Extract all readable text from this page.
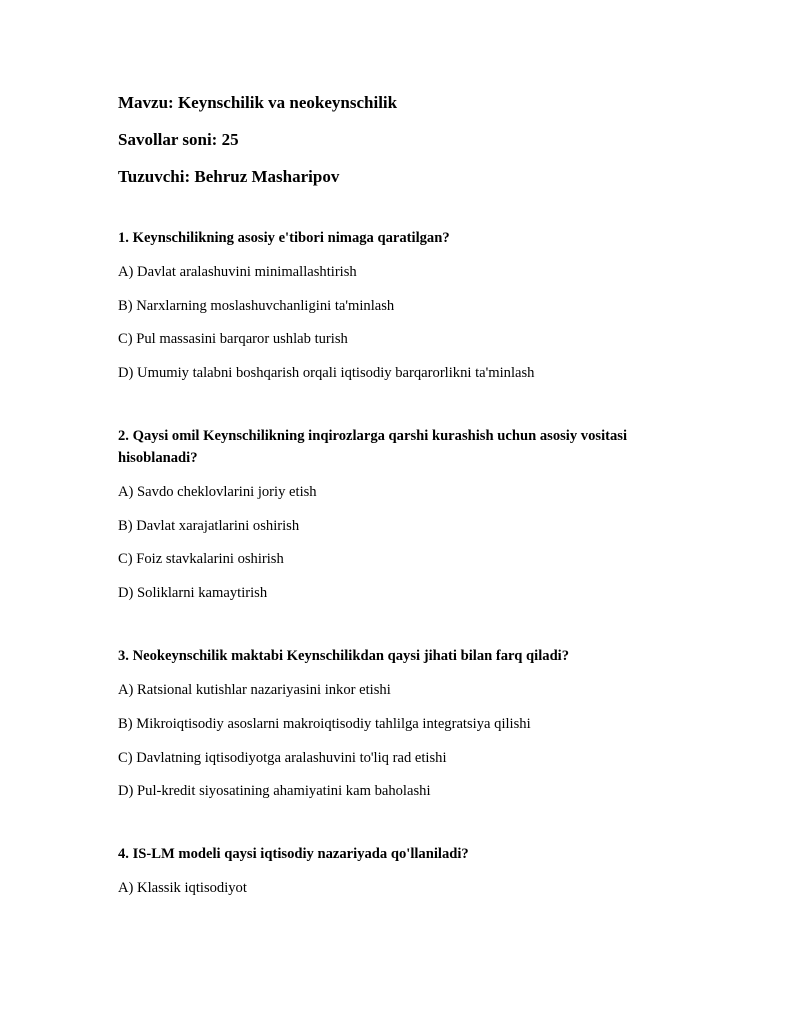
Mavzu: Keynschilik va neokeynschilik

Savollar soni: 25

Tuzuvchi: Behruz Masharipov

1. Keynschilikning asosiy e'tibori nimaga qaratilgan?

A) Davlat aralashuvini minimallashtirish

B) Narxlarning moslashuvchanligini ta'minlash

C) Pul massasini barqaror ushlab turish

D) Umumiy talabni boshqarish orqali iqtisodiy barqarorlikni ta'minlash

2. Qaysi omil Keynschilikning inqirozlarga qarshi kurashish uchun asosiy vositasi hisoblanadi?

A) Savdo cheklovlarini joriy etish

B) Davlat xarajatlarini oshirish

C) Foiz stavkalarini oshirish

D) Soliklarni kamaytirish

3. Neokeynschilik maktabi Keynschilikdan qaysi jihati bilan farq qiladi?

A) Ratsional kutishlar nazariyasini inkor etishi

B) Mikroiqtisodiy asoslarni makroiqtisodiy tahlilga integratsiya qilishi

C) Davlatning iqtisodiyotga aralashuvini to'liq rad etishi

D) Pul-kredit siyosatining ahamiyatini kam baholashi

4. IS-LM modeli qaysi iqtisodiy nazariyada qo'llaniladi?

A) Klassik iqtisodiyot
